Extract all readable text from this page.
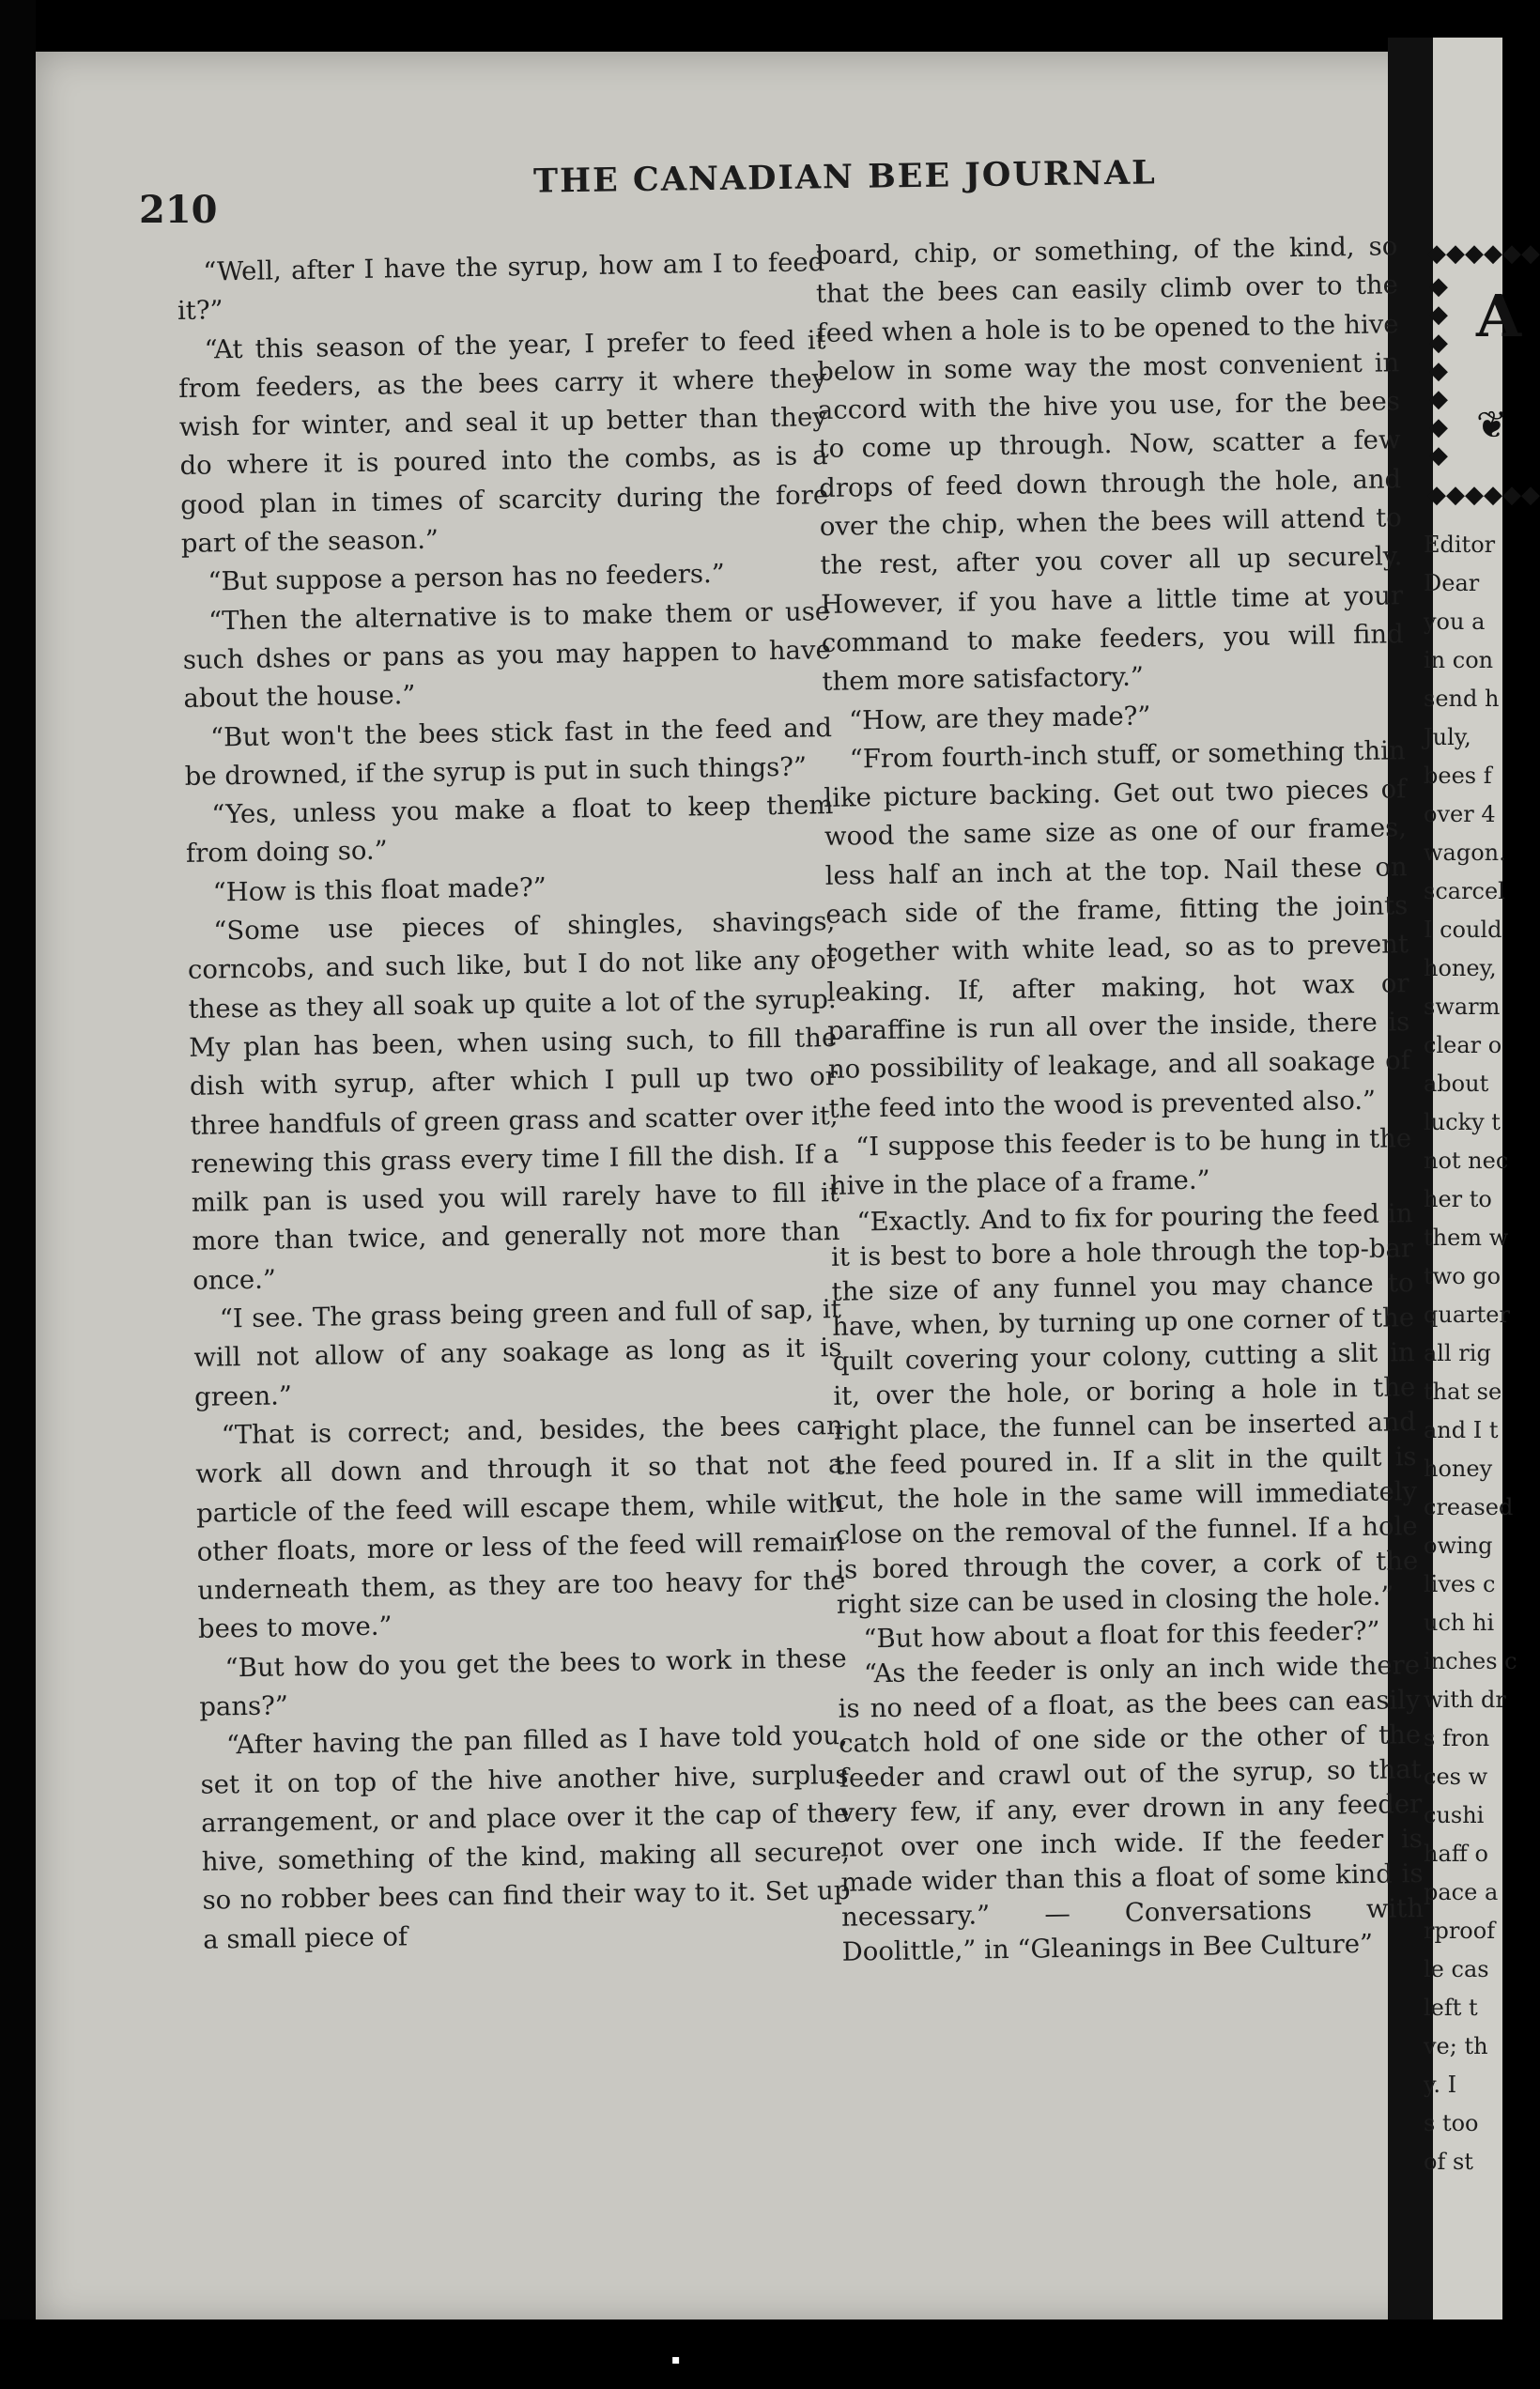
210
THE CANADIAN BEE JOURNAL

“Well, after I have the syrup, how am I to feed it?”

“At this season of the year, I prefer to feed it from feeders, as the bees carry it where they wish for winter, and seal it up better than they do where it is poured into the combs, as is a good plan in times of scarcity during the fore part of the season.”

“But suppose a person has no feeders.”

“Then the alternative is to make them or use such dshes or pans as you may happen to have about the house.”

“But won't the bees stick fast in the feed and be drowned, if the syrup is put in such things?”

“Yes, unless you make a float to keep them from doing so.”

“How is this float made?”

“Some use pieces of shingles, shavings, corncobs, and such like, but I do not like any of these as they all soak up quite a lot of the syrup. My plan has been, when using such, to fill the dish with syrup, after which I pull up two or three handfuls of green grass and scatter over it, renewing this grass every time I fill the dish. If a milk pan is used you will rarely have to fill it more than twice, and generally not more than once.”

“I see. The grass being green and full of sap, it will not allow of any soakage as long as it is green.”

“That is correct; and, besides, the bees can work all down and through it so that not a particle of the feed will escape them, while with other floats, more or less of the feed will remain underneath them, as they are too heavy for the bees to move.”

“But how do you get the bees to work in these pans?”

“After having the pan filled as I have told you, set it on top of the hive another hive, surplus arrangement, or and place over it the cap of the hive, something of the kind, making all secure, so no robber bees can find their way to it. Set up a small piece of

board, chip, or something, of the kind, so that the bees can easily climb over to the feed when a hole is to be opened to the hive below in some way the most convenient in accord with the hive you use, for the bees to come up through. Now, scatter a few drops of feed down through the hole, and over the chip, when the bees will attend to the rest, after you cover all up securely. However, if you have a little time at your command to make feeders, you will find them more satisfactory.”

“How, are they made?”

“From fourth-inch stuff, or something thin like picture backing. Get out two pieces of wood the same size as one of our frames, less half an inch at the top. Nail these on each side of the frame, fitting the joints together with white lead, so as to prevent leaking. If, after making, hot wax or paraffine is run all over the inside, there is no possibility of leakage, and all soakage of the feed into the wood is prevented also.”

“I suppose this feeder is to be hung in the hive in the place of a frame.”

“Exactly. And to fix for pouring the feed in it is best to bore a hole through the top-bar the size of any funnel you may chance to have, when, by turning up one corner of the quilt covering your colony, cutting a slit in it, over the hole, or boring a hole in the right place, the funnel can be inserted and the feed poured in. If a slit in the quilt is cut, the hole in the same will immediately close on the removal of the funnel. If a hole is bored through the cover, a cork of the right size can be used in closing the hole.”

“But how about a float for this feeder?”

“As the feeder is only an inch wide there is no need of a float, as the bees can easily catch hold of one side or the other of the feeder and crawl out of the syrup, so that very few, if any, ever drown in any feeder not over one inch wide. If the feeder is made wider than this a float of some kind is necessary.” — Conversations with Doolittle,” in “Gleanings in Bee Culture”

◆◆◆◆◆◆
◆
◆
◆
◆
◆
◆
◆
A
❦
◆◆◆◆◆◆
Editor
Dear
you a
in con
send h
July,
bees f
over 4
wagon.
scarcel
I could
honey,
swarm
clear o
about
lucky t
not nec
her to
them w
two go
quarter
all rig
that se
and I t
honey
creased
owing
lives c
uch hi
inches c
with dr
s fron
ces w
cushi
haff o
pace a
rproof
le cas
left t
ve; th
y. I
s too
of st
▪
